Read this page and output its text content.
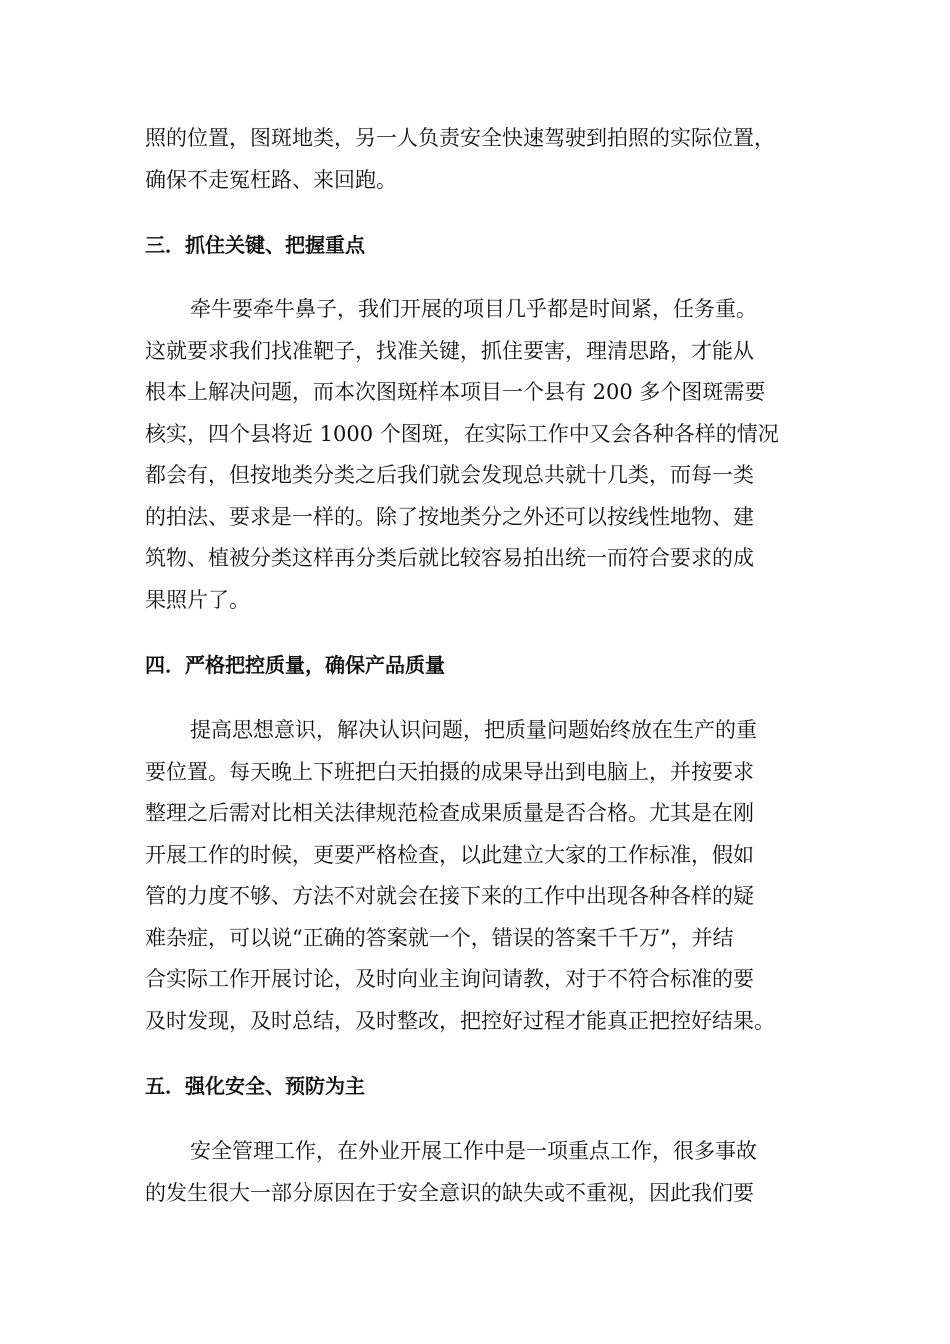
照的位置，图斑地类，另一人负责安全快速驾驶到拍照的实际位置，
确保不走冤枉路、来回跑。
三．抓住关键、把握重点
牵牛要牵牛鼻子，我们开展的项目几乎都是时间紧，任务重。
这就要求我们找准靶子，找准关键，抓住要害，理清思路，才能从
根本上解决问题，而本次图斑样本项目一个县有 200 多个图斑需要
核实，四个县将近 1000 个图斑，在实际工作中又会各种各样的情况
都会有，但按地类分类之后我们就会发现总共就十几类，而每一类
的拍法、要求是一样的。除了按地类分之外还可以按线性地物、建
筑物、植被分类这样再分类后就比较容易拍出统一而符合要求的成
果照片了。
四．严格把控质量，确保产品质量
提高思想意识，解决认识问题，把质量问题始终放在生产的重
要位置。每天晚上下班把白天拍摄的成果导出到电脑上，并按要求
整理之后需对比相关法律规范检查成果质量是否合格。尤其是在刚
开展工作的时候，更要严格检查，以此建立大家的工作标准，假如
管的力度不够、方法不对就会在接下来的工作中出现各种各样的疑
难杂症，可以说“正确的答案就一个，错误的答案千千万”，并结
合实际工作开展讨论，及时向业主询问请教，对于不符合标准的要
及时发现，及时总结，及时整改，把控好过程才能真正把控好结果。
五．强化安全、预防为主
安全管理工作，在外业开展工作中是一项重点工作，很多事故
的发生很大一部分原因在于安全意识的缺失或不重视，因此我们要
